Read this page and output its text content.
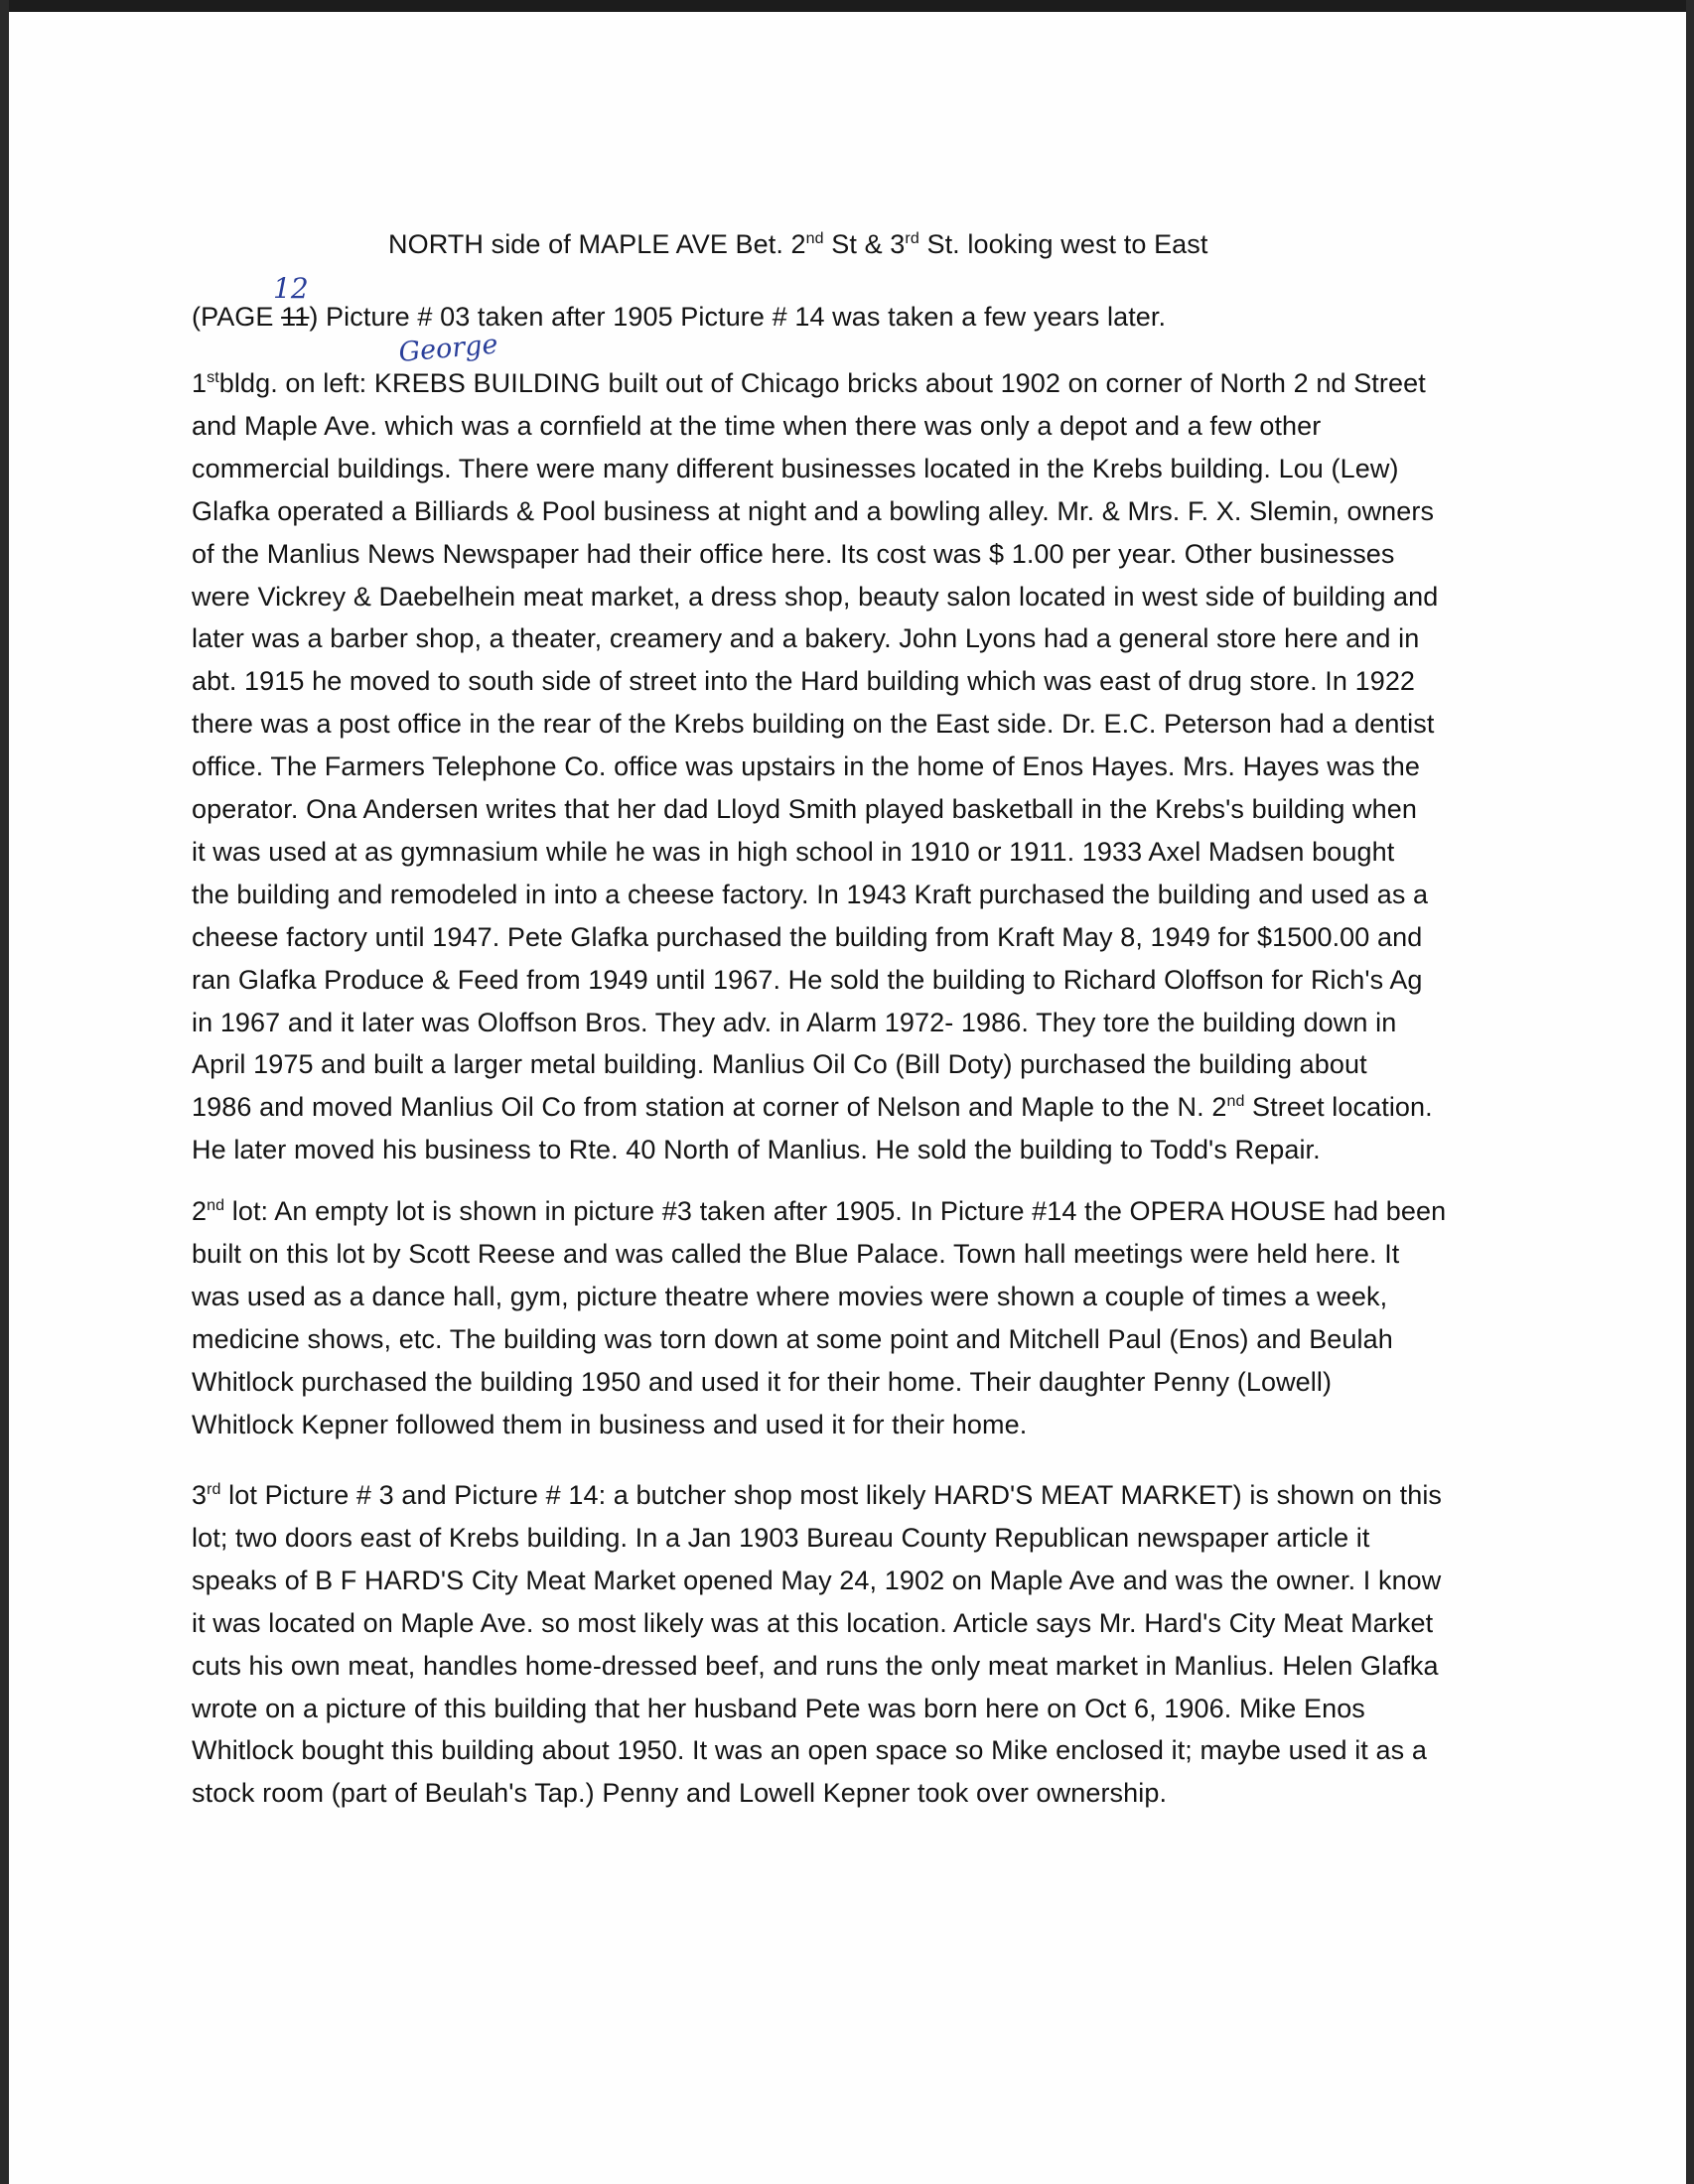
NORTH side of MAPLE AVE Bet. 2nd St & 3rd St. looking west to East
12
(PAGE 11) Picture # 03 taken after 1905 Picture # 14 was taken a few years later.
George
1stbldg. on left: KREBS BUILDING built out of Chicago bricks about 1902 on corner of North 2 nd Street
and Maple Ave. which was a cornfield at the time when there was only a depot and a few other
commercial buildings. There were many different businesses located in the Krebs building. Lou (Lew)
Glafka operated a Billiards & Pool business at night and a bowling alley. Mr. & Mrs. F. X. Slemin, owners
of the Manlius News Newspaper had their office here. Its cost was $ 1.00 per year. Other businesses
were Vickrey & Daebelhein meat market, a dress shop, beauty salon located in west side of building and
later was a barber shop, a theater, creamery and a bakery. John Lyons had a general store here and in
abt. 1915 he moved to south side of street into the Hard building which was east of drug store. In 1922
there was a post office in the rear of the Krebs building on the East side. Dr. E.C. Peterson had a dentist
office. The Farmers Telephone Co. office was upstairs in the home of Enos Hayes. Mrs. Hayes was the
operator. Ona Andersen writes that her dad Lloyd Smith played basketball in the Krebs's building when
it was used at as gymnasium while he was in high school in 1910 or 1911. 1933 Axel Madsen bought
the building and remodeled in into a cheese factory. In 1943 Kraft purchased the building and used as a
cheese factory until 1947. Pete Glafka purchased the building from Kraft May 8, 1949 for $1500.00 and
ran Glafka Produce & Feed from 1949 until 1967. He sold the building to Richard Oloffson for Rich's Ag
in 1967 and it later was Oloffson Bros. They adv. in Alarm 1972- 1986. They tore the building down in
April 1975 and built a larger metal building. Manlius Oil Co (Bill Doty) purchased the building about
1986 and moved Manlius Oil Co from station at corner of Nelson and Maple to the N. 2nd Street location.
He later moved his business to Rte. 40 North of Manlius. He sold the building to Todd's Repair.
2nd lot: An empty lot is shown in picture #3 taken after 1905. In Picture #14 the OPERA HOUSE had been
built on this lot by Scott Reese and was called the Blue Palace. Town hall meetings were held here. It
was used as a dance hall, gym, picture theatre where movies were shown a couple of times a week,
medicine shows, etc. The building was torn down at some point and Mitchell Paul (Enos) and Beulah
Whitlock purchased the building 1950 and used it for their home. Their daughter Penny (Lowell)
Whitlock Kepner followed them in business and used it for their home.
3rd lot Picture # 3 and Picture # 14: a butcher shop most likely HARD'S MEAT MARKET) is shown on this
lot; two doors east of Krebs building. In a Jan 1903 Bureau County Republican newspaper article it
speaks of B F HARD'S City Meat Market opened May 24, 1902 on Maple Ave and was the owner. I know
it was located on Maple Ave. so most likely was at this location. Article says Mr. Hard's City Meat Market
cuts his own meat, handles home-dressed beef, and runs the only meat market in Manlius. Helen Glafka
wrote on a picture of this building that her husband Pete was born here on Oct 6, 1906. Mike Enos
Whitlock bought this building about 1950. It was an open space so Mike enclosed it; maybe used it as a
stock room (part of Beulah's Tap.) Penny and Lowell Kepner took over ownership.
